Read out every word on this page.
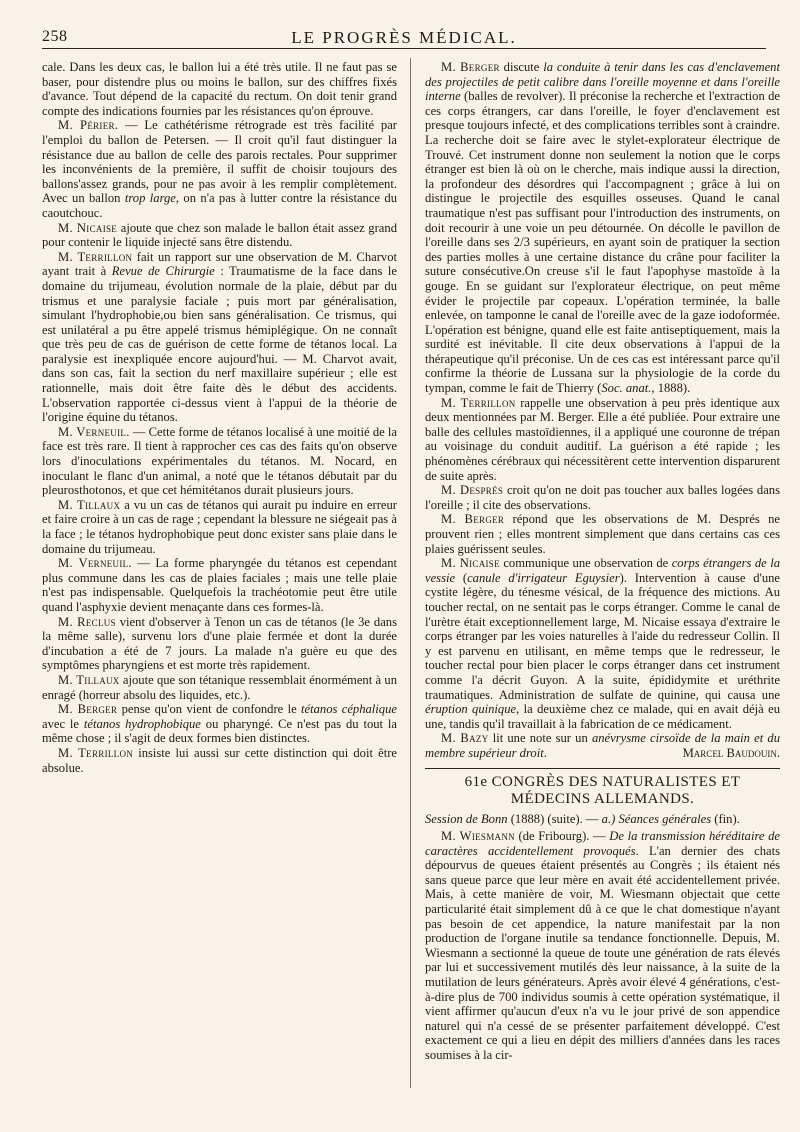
258	LE PROGRÈS MÉDICAL.

cale. Dans les deux cas, le ballon lui a été très utile. Il ne faut pas se baser, pour distendre plus ou moins le ballon, sur des chiffres fixés d'avance. Tout dépend de la capacité du rectum. On doit tenir grand compte des indications fournies par les résistances qu'on éprouve.

M. Périer. — Le cathétérisme rétrograde est très facilité par l'emploi du ballon de Petersen. — Il croit qu'il faut distinguer la résistance due au ballon de celle des parois rectales. Pour supprimer les inconvénients de la première, il suffit de choisir toujours des ballons'assez grands, pour ne pas avoir à les remplir complètement. Avec un ballon trop large, on n'a pas à lutter contre la résistance du caoutchouc.

M. Nicaise ajoute que chez son malade le ballon était assez grand pour contenir le liquide injecté sans être distendu.

M. Terrillon fait un rapport sur une observation de M. Charvot ayant trait à Revue de Chirurgie : Traumatisme de la face dans le domaine du trijumeau, évolution normale de la plaie, début par du trismus et une paralysie faciale ; puis mort par généralisation, simulant l'hydrophobie,ou bien sans généralisation. Ce trismus, qui est unilatéral a pu être appelé trismus hémiplégique. On ne connaît que très peu de cas de guérison de cette forme de tétanos local. La paralysie est inexpliquée encore aujourd'hui. — M. Charvot avait, dans son cas, fait la section du nerf maxillaire supérieur ; elle est rationnelle, mais doit être faite dès le début des accidents. L'observation rapportée ci-dessus vient à l'appui de la théorie de l'origine équine du tétanos.

M. Verneuil. — Cette forme de tétanos localisé à une moitié de la face est très rare. Il tient à rapprocher ces cas des faits qu'on observe lors d'inoculations expérimentales du tétanos. M. Nocard, en inoculant le flanc d'un animal, a noté que le tétanos débutait par du pleurosthotonos, et que cet hémitétanos durait plusieurs jours.

M. Tillaux a vu un cas de tétanos qui aurait pu induire en erreur et faire croire à un cas de rage ; cependant la blessure ne siégeait pas à la face ; le tétanos hydrophobique peut donc exister sans plaie dans le domaine du trijumeau.

M. Verneuil. — La forme pharyngée du tétanos est cependant plus commune dans les cas de plaies faciales ; mais une telle plaie n'est pas indispensable. Quelquefois la trachéotomie peut être utile quand l'asphyxie devient menaçante dans ces formes-là.

M. Reclus vient d'observer à Tenon un cas de tétanos (le 3e dans la même salle), survenu lors d'une plaie fermée et dont la durée d'incubation a été de 7 jours. La malade n'a guère eu que des symptômes pharyngiens et est morte très rapidement.

M. Tillaux ajoute que son tétanique ressemblait énormément à un enragé (horreur absolu des liquides, etc.).

M. Berger pense qu'on vient de confondre le tétanos céphalique avec le tétanos hydrophobique ou pharyngé. Ce n'est pas du tout la même chose ; il s'agit de deux formes bien distinctes.

M. Terrillon insiste lui aussi sur cette distinction qui doit être absolue.

M. Berger discute la conduite à tenir dans les cas d'enclavement des projectiles de petit calibre dans l'oreille moyenne et dans l'oreille interne (balles de revolver). Il préconise la recherche et l'extraction de ces corps étrangers, car dans l'oreille, le foyer d'enclavement est presque toujours infecté, et des complications terribles sont à craindre. La recherche doit se faire avec le stylet-explorateur électrique de Trouvé. Cet instrument donne non seulement la notion que le corps étranger est bien là où on le cherche, mais indique aussi la direction, la profondeur des désordres qui l'accompagnent ; grâce à lui on distingue le projectile des esquilles osseuses. Quand le canal traumatique n'est pas suffisant pour l'introduction des instruments, on doit recourir à une voie un peu détournée. On décolle le pavillon de l'oreille dans ses 2/3 supérieurs, en ayant soin de pratiquer la section des parties molles à une certaine distance du crâne pour faciliter la suture consécutive.On creuse s'il le faut l'apophyse mastoïde à la gouge. En se guidant sur l'explorateur électrique, on peut même évider le projectile par copeaux. L'opération terminée, la balle enlevée, on tamponne le canal de l'oreille avec de la gaze iodoformée. L'opération est bénigne, quand elle est faite antiseptiquement, mais la surdité est inévitable. Il cite deux observations à l'appui de la thérapeutique qu'il préconise. Un de ces cas est intéressant parce qu'il confirme la théorie de Lussana sur la physiologie de la corde du tympan, comme le fait de Thierry (Soc. anat., 1888).

M. Terrillon rappelle une observation à peu près identique aux deux mentionnées par M. Berger. Elle a été publiée. Pour extraire une balle des cellules mastoïdiennes, il a appliqué une couronne de trépan au voisinage du conduit auditif. La guérison a été rapide ; les phénomènes cérébraux qui nécessitèrent cette intervention disparurent de suite après.

M. Després croit qu'on ne doit pas toucher aux balles logées dans l'oreille ; il cite des observations.

M. Berger répond que les observations de M. Després ne prouvent rien ; elles montrent simplement que dans certains cas ces plaies guérissent seules.

M. Nicaise communique une observation de corps étrangers de la vessie (canule d'irrigateur Eguysier). Intervention à cause d'une cystite légère, du ténesme vésical, de la fréquence des mictions. Au toucher rectal, on ne sentait pas le corps étranger. Comme le canal de l'urètre était exceptionnellement large, M. Nicaise essaya d'extraire le corps étranger par les voies naturelles à l'aide du redresseur Collin. Il y est parvenu en utilisant, en même temps que le redresseur, le toucher rectal pour bien placer le corps étranger dans cet instrument comme l'a décrit Guyon. A la suite, épididymite et uréthrite traumatiques. Administration de sulfate de quinine, qui causa une éruption quinique, la deuxième chez ce malade, qui en avait déjà eu une, tandis qu'il travaillait à la fabrication de ce médicament.

M. Bazy lit une note sur un anévrysme cirsoïde de la main et du membre supérieur droit.	Marcel Baudouin.

61e CONGRÈS DES NATURALISTES ET MÉDECINS ALLEMANDS.

Session de Bonn (1888) (suite). — a.) Séances générales (fin).

M. Wiesmann (de Fribourg). — De la transmission héréditaire de caractères accidentellement provoqués. L'an dernier des chats dépourvus de queues étaient présentés au Congrès ; ils étaient nés sans queue parce que leur mère en avait été accidentellement privée. Mais, à cette manière de voir, M. Wiesmann objectait que cette particularité était simplement dû à ce que le chat domestique n'ayant pas besoin de cet appendice, la nature manifestait par la non production de l'organe inutile sa tendance fonctionnelle. Depuis, M. Wiesmann a sectionné la queue de toute une génération de rats élevés par lui et successivement mutilés dès leur naissance, à la suite de la mutilation de leurs générateurs. Après avoir élevé 4 générations, c'est-à-dire plus de 700 individus soumis à cette opération systématique, il vient affirmer qu'aucun d'eux n'a vu le jour privé de son appendice naturel qui n'a cessé de se présenter parfaitement développé. C'est exactement ce qui a lieu en dépit des milliers d'années dans les races soumises à la cir-
